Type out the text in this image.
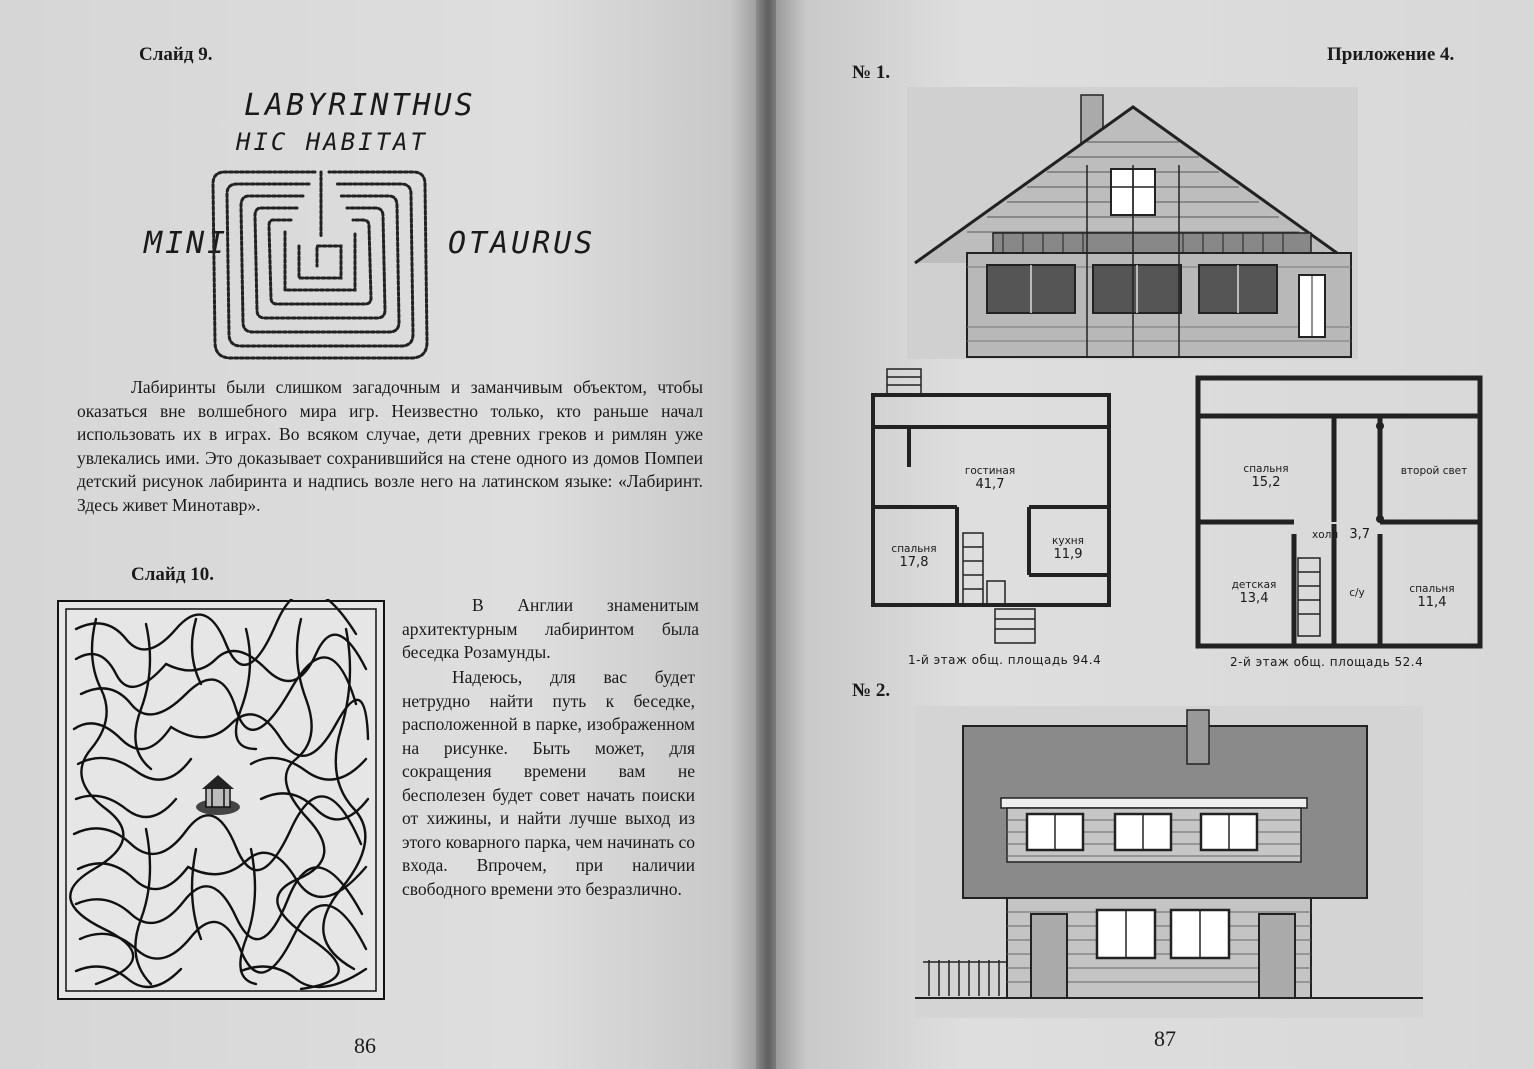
Слайд 9.
LABYRINTHUS
HIC HABITAT
MINI	OTAURUS

Лабиринты были слишком загадочным и заманчивым объектом, чтобы оказаться вне волшебного мира игр. Неизвестно только, кто раньше начал использовать их в играх. Во всяком случае, дети древних греков и римлян уже увлекались ими. Это доказывает сохранившийся на стене одного из домов Помпеи детский рисунок лабиринта и надпись возле него на латинском языке: «Лабиринт. Здесь живет Минотавр».

Слайд 10.

В Англии знаменитым архитектурным лабиринтом была беседка Розамунды.

Надеюсь, для вас будет нетрудно найти путь к беседке, расположенной в парке, изображенном на рисунке. Быть может, для сокращения времени вам не бесполезен будет совет начать поиски от хижины, и найти лучше выход из этого коварного парка, чем начинать со входа. Впрочем, при наличии свободного времени это безразлично.

86
Приложение 4.
№ 1.
гостиная
41,7
спальня
17,8
кухня
11,9
1-й этаж общ. площадь 94.4
спальня
15,2
второй свет
холл 3,7
детская
13,4	с/у	спальня
11,4
2-й этаж общ. площадь 52.4
№ 2.
87
